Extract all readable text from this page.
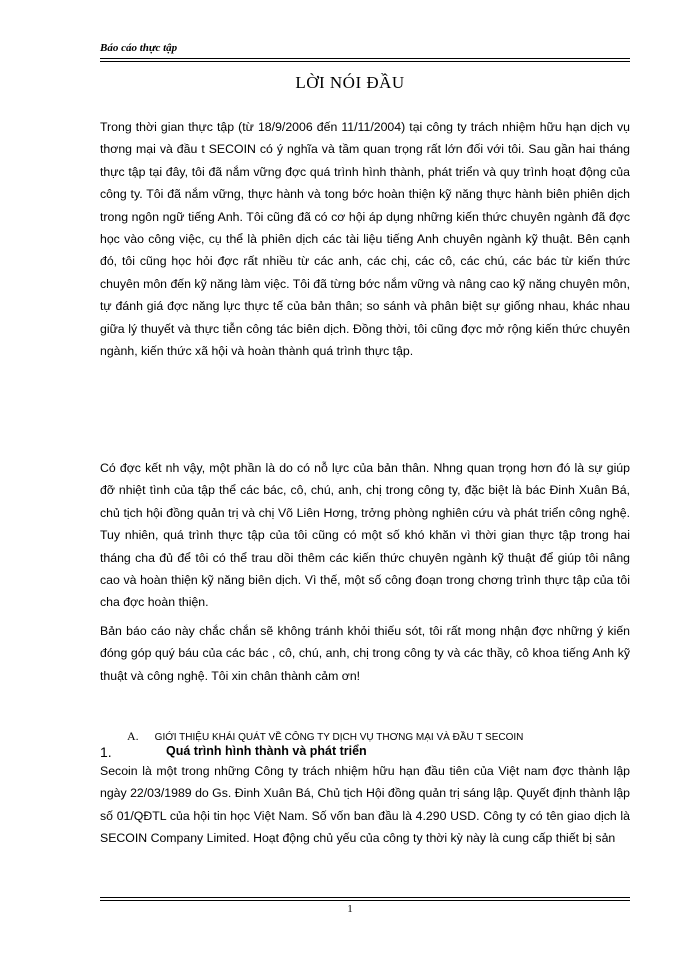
Báo cáo thực tập
LỜI NÓI ĐẦU

Trong thời gian thực tập (từ 18/9/2006 đến 11/11/2004) tại công ty trách nhiệm hữu hạn dịch vụ thơng mại và đầu t SECOIN có ý nghĩa và tầm quan trọng rất lớn đối với tôi. Sau gần hai tháng thực tập tại đây, tôi đã nắm vững đợc quá trình hình thành, phát triển và quy trình hoạt động của công ty. Tôi đã nắm vững, thực hành và tong bớc hoàn thiện kỹ năng thực hành biên phiên dịch trong ngôn ngữ tiếng Anh. Tôi cũng đã có cơ hội áp dụng những kiến thức chuyên ngành đã đợc học vào công việc, cụ thể là phiên dịch các tài liệu tiếng Anh chuyên ngành kỹ thuật. Bên cạnh đó, tôi cũng học hỏi đợc rất nhiều từ các anh, các chị, các cô, các chú, các bác từ kiến thức chuyên môn đến kỹ năng làm việc. Tôi đã từng bớc nắm vững và nâng cao kỹ năng chuyên môn, tự đánh giá đợc năng lực thực tế của bản thân; so sánh và phân biệt sự giống nhau, khác nhau giữa lý thuyết và thực tiễn công tác biên dịch. Đồng thời, tôi cũng đợc mở rộng kiến thức chuyên ngành, kiến thức xã hội và hoàn thành quá trình thực tập.

Có đợc kết nh vậy, một phần là do có nỗ lực của bản thân. Nhng quan trọng hơn đó là sự giúp đỡ nhiệt tình của tập thể các bác, cô, chú, anh, chị trong công ty, đặc biệt là bác Đinh Xuân Bá, chủ tịch hội đồng quản trị và chị Võ Liên Hơng, trởng phòng nghiên cứu và phát triển công nghệ. Tuy nhiên, quá trình thực tập của tôi cũng có một số khó khăn vì thời gian thực tập trong hai tháng cha đủ để tôi có thể trau dồi thêm các kiến thức chuyên ngành kỹ thuật để giúp tôi nâng cao và hoàn thiện kỹ năng biên dịch. Vì thế, một số công đoạn trong chơng trình thực tập của tôi cha đợc hoàn thiện.

Bản báo cáo này chắc chắn sẽ không tránh khỏi thiếu sót, tôi rất mong nhận đợc những ý kiến đóng góp quý báu của các bác , cô, chú, anh, chị trong công ty và các thầy, cô khoa tiếng Anh kỹ thuật và công nghệ. Tôi xin chân thành cảm ơn!

A. GIỚI THIỆU KHÁI QUÁT VỀ CÔNG TY DỊCH VỤ THƠNG MẠI VÀ ĐẦU T SECOIN
1.	Quá trình hình thành và phát triển

Secoin là một trong những Công ty trách nhiệm hữu hạn đầu tiên của Việt nam đợc thành lập ngày 22/03/1989 do Gs. Đinh Xuân Bá, Chủ tịch Hội đồng quản trị sáng lập. Quyết định thành lập số 01/QĐTL của hội tin học Việt Nam. Số vốn ban đầu là 4.290 USD. Công ty có tên giao dịch là SECOIN Company Limited. Hoạt động chủ yếu của công ty thời kỳ này là cung cấp thiết bị sản

1
